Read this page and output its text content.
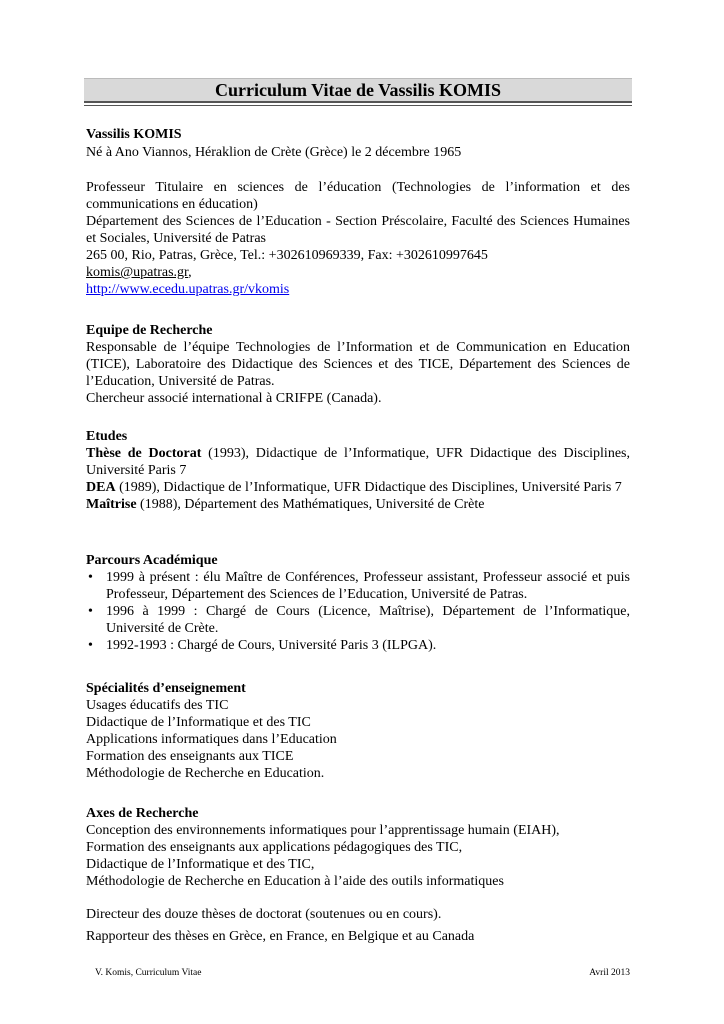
Curriculum Vitae de Vassilis KOMIS

Vassilis KOMIS

Né à Ano Viannos, Héraklion de Crète (Grèce) le 2 décembre 1965

Professeur Titulaire en sciences de l’éducation (Technologies de l’information et des communications en éducation)

Département des Sciences de l’Education - Section Préscolaire, Faculté des Sciences Humaines et Sociales, Université de Patras

265 00, Rio, Patras, Grèce, Tel.: +302610969339, Fax: +302610997645

komis@upatras.gr,

http://www.ecedu.upatras.gr/vkomis

Equipe de Recherche

Responsable de l’équipe Technologies de l’Information et de Communication en Education (TICE), Laboratoire des Didactique des Sciences et des TICE, Département des Sciences de l’Education, Université de Patras.

Chercheur associé international à CRIFPE (Canada).

Etudes

Thèse de Doctorat (1993), Didactique de l’Informatique, UFR Didactique des Disciplines, Université Paris 7

DEA (1989), Didactique de l’Informatique, UFR Didactique des Disciplines, Université Paris 7

Maîtrise (1988), Département des Mathématiques, Université de Crète

Parcours Académique

• 1999 à présent : élu Maître de Conférences, Professeur assistant, Professeur associé et puis Professeur, Département des Sciences de l’Education, Université de Patras.
• 1996 à 1999 : Chargé de Cours (Licence, Maîtrise), Département de l’Informatique, Université de Crète.
• 1992-1993 : Chargé de Cours, Université Paris 3 (ILPGA).

Spécialités d’enseignement

Usages éducatifs des TIC

Didactique de l’Informatique et des TIC

Applications informatiques dans l’Education

Formation des enseignants aux TICE

Méthodologie de Recherche en Education.

Axes de Recherche

Conception des environnements informatiques pour l’apprentissage humain (EIAH),

Formation des enseignants aux applications pédagogiques des TIC,

Didactique de l’Informatique et des TIC,

Méthodologie de Recherche en Education à l’aide des outils informatiques

Directeur des douze thèses de doctorat (soutenues ou en cours).

Rapporteur des thèses en Grèce, en France, en Belgique et au Canada

V. Komis, Curriculum Vitae	Avril 2013
